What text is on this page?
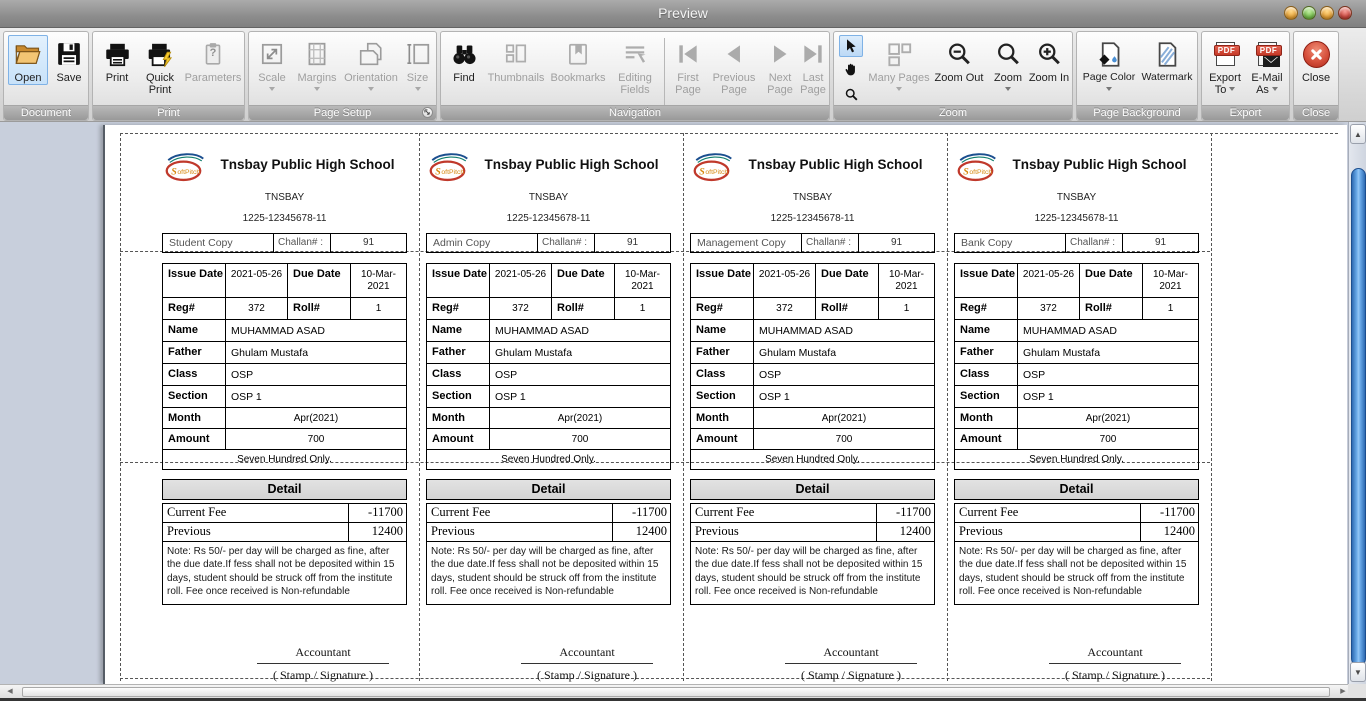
Preview
Open Save
Document
Print	Quick Print
?
Parameters
Print
Scale Margins Orientation Size
Page Setup
Find Thumbnails Bookmarks	Editing Fields
First Page
Previous Page
Next Page
Last Page
Navigation
Many Pages Zoom Out Zoom Zoom In
Zoom
Page Color Watermark
Page Background
PDF
Export
To
PDF
E-Mail
As
Export
Close
Close
S oftPitch
Tnsbay Public High School
TNSBAY
1225-12345678-11
Student Copy	Challan# :	91
Issue Date 2021-05-26 Due Date	10-Mar-2021
Reg#	372	Roll#	1
Name	MUHAMMAD ASAD
Father	Ghulam Mustafa
Class	OSP
Section	OSP 1
Month	Apr(2021)
Amount	700
Seven Hundred Only.
Detail
Current Fee	-11700
Previous	12400
Note: Rs 50/- per day will be charged as fine, after the due date.If fess shall not be deposited within 15 days, student should be struck off from the institute roll. Fee once received is Non-refundable
Accountant
( Stamp / Signature )
S oftPitch
Tnsbay Public High School
TNSBAY
1225-12345678-11
Admin Copy	Challan# :	91
Issue Date 2021-05-26 Due Date	10-Mar-2021
Reg#	372	Roll#	1
Name	MUHAMMAD ASAD
Father	Ghulam Mustafa
Class	OSP
Section	OSP 1
Month	Apr(2021)
Amount	700
Seven Hundred Only.
Detail
Current Fee	-11700
Previous	12400
Note: Rs 50/- per day will be charged as fine, after the due date.If fess shall not be deposited within 15 days, student should be struck off from the institute roll. Fee once received is Non-refundable
Accountant
( Stamp / Signature )
S oftPitch
Tnsbay Public High School
TNSBAY
1225-12345678-11
Management Copy	Challan# :	91
Issue Date 2021-05-26 Due Date	10-Mar-2021
Reg#	372	Roll#	1
Name	MUHAMMAD ASAD
Father	Ghulam Mustafa
Class	OSP
Section	OSP 1
Month	Apr(2021)
Amount	700
Seven Hundred Only.
Detail
Current Fee	-11700
Previous	12400
Note: Rs 50/- per day will be charged as fine, after the due date.If fess shall not be deposited within 15 days, student should be struck off from the institute roll. Fee once received is Non-refundable
Accountant
( Stamp / Signature )
S oftPitch
Tnsbay Public High School
TNSBAY
1225-12345678-11
Bank Copy	Challan# :	91
Issue Date 2021-05-26 Due Date	10-Mar-2021
Reg#	372	Roll#	1
Name	MUHAMMAD ASAD
Father	Ghulam Mustafa
Class	OSP
Section	OSP 1
Month	Apr(2021)
Amount	700
Seven Hundred Only.
Detail
Current Fee	-11700
Previous	12400
Note: Rs 50/- per day will be charged as fine, after the due date.If fess shall not be deposited within 15 days, student should be struck off from the institute roll. Fee once received is Non-refundable
Accountant
( Stamp / Signature )
▲
▼
◀	▶
